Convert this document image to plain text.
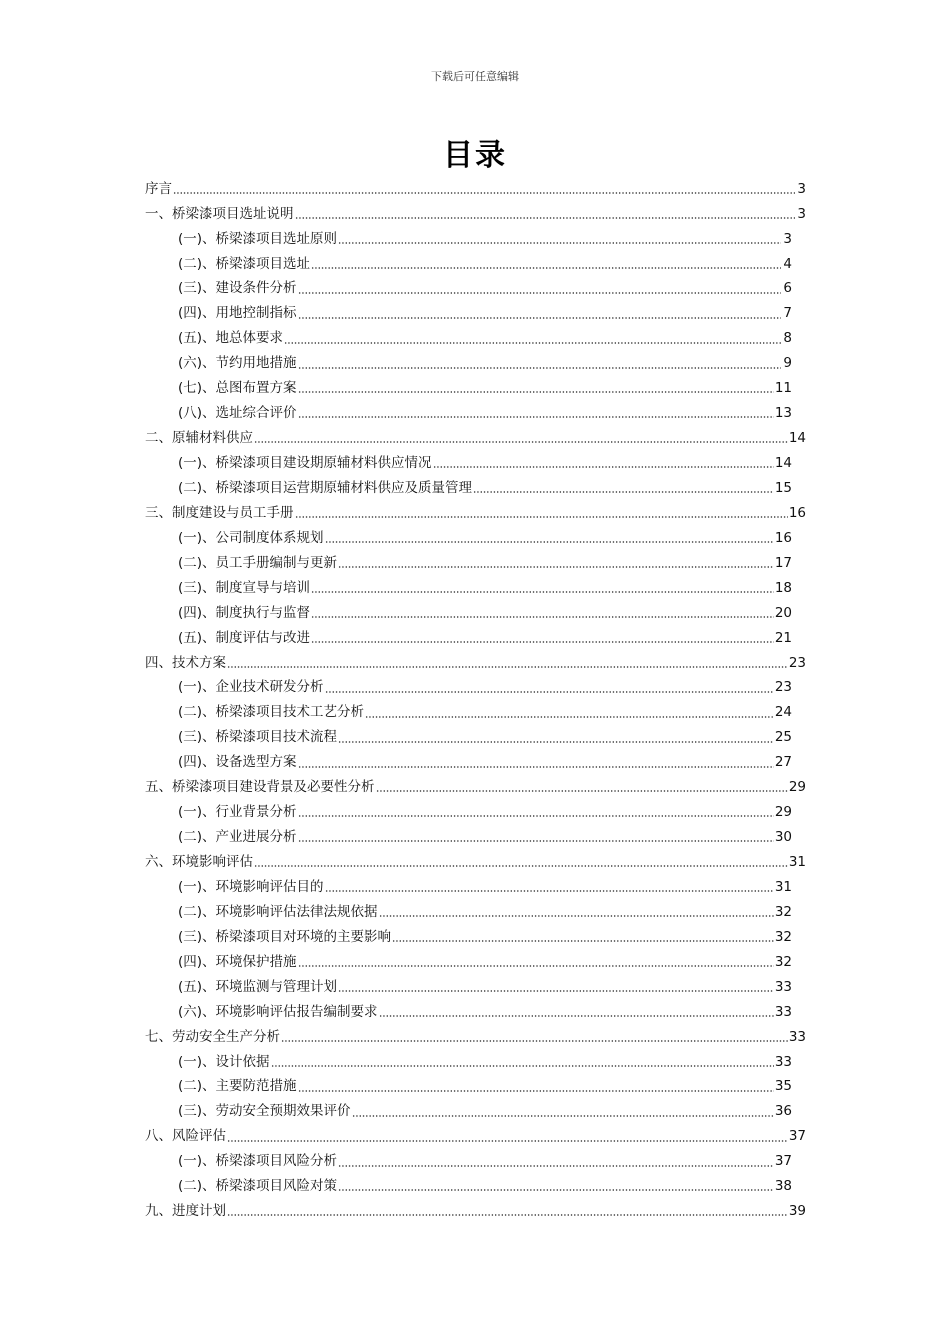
下载后可任意编辑
目录
序言	3
一、桥梁漆项目选址说明	3
(一)、桥梁漆项目选址原则	3
(二)、桥梁漆项目选址	4
(三)、建设条件分析	6
(四)、用地控制指标	7
(五)、地总体要求	8
(六)、节约用地措施	9
(七)、总图布置方案	11
(八)、选址综合评价	13
二、原辅材料供应	14
(一)、桥梁漆项目建设期原辅材料供应情况	14
(二)、桥梁漆项目运营期原辅材料供应及质量管理	15
三、制度建设与员工手册	16
(一)、公司制度体系规划	16
(二)、员工手册编制与更新	17
(三)、制度宣导与培训	18
(四)、制度执行与监督	20
(五)、制度评估与改进	21
四、技术方案	23
(一)、企业技术研发分析	23
(二)、桥梁漆项目技术工艺分析	24
(三)、桥梁漆项目技术流程	25
(四)、设备选型方案	27
五、桥梁漆项目建设背景及必要性分析	29
(一)、行业背景分析	29
(二)、产业进展分析	30
六、环境影响评估	31
(一)、环境影响评估目的	31
(二)、环境影响评估法律法规依据	32
(三)、桥梁漆项目对环境的主要影响	32
(四)、环境保护措施	32
(五)、环境监测与管理计划	33
(六)、环境影响评估报告编制要求	33
七、劳动安全生产分析	33
(一)、设计依据	33
(二)、主要防范措施	35
(三)、劳动安全预期效果评价	36
八、风险评估	37
(一)、桥梁漆项目风险分析	37
(二)、桥梁漆项目风险对策	38
九、进度计划	39
